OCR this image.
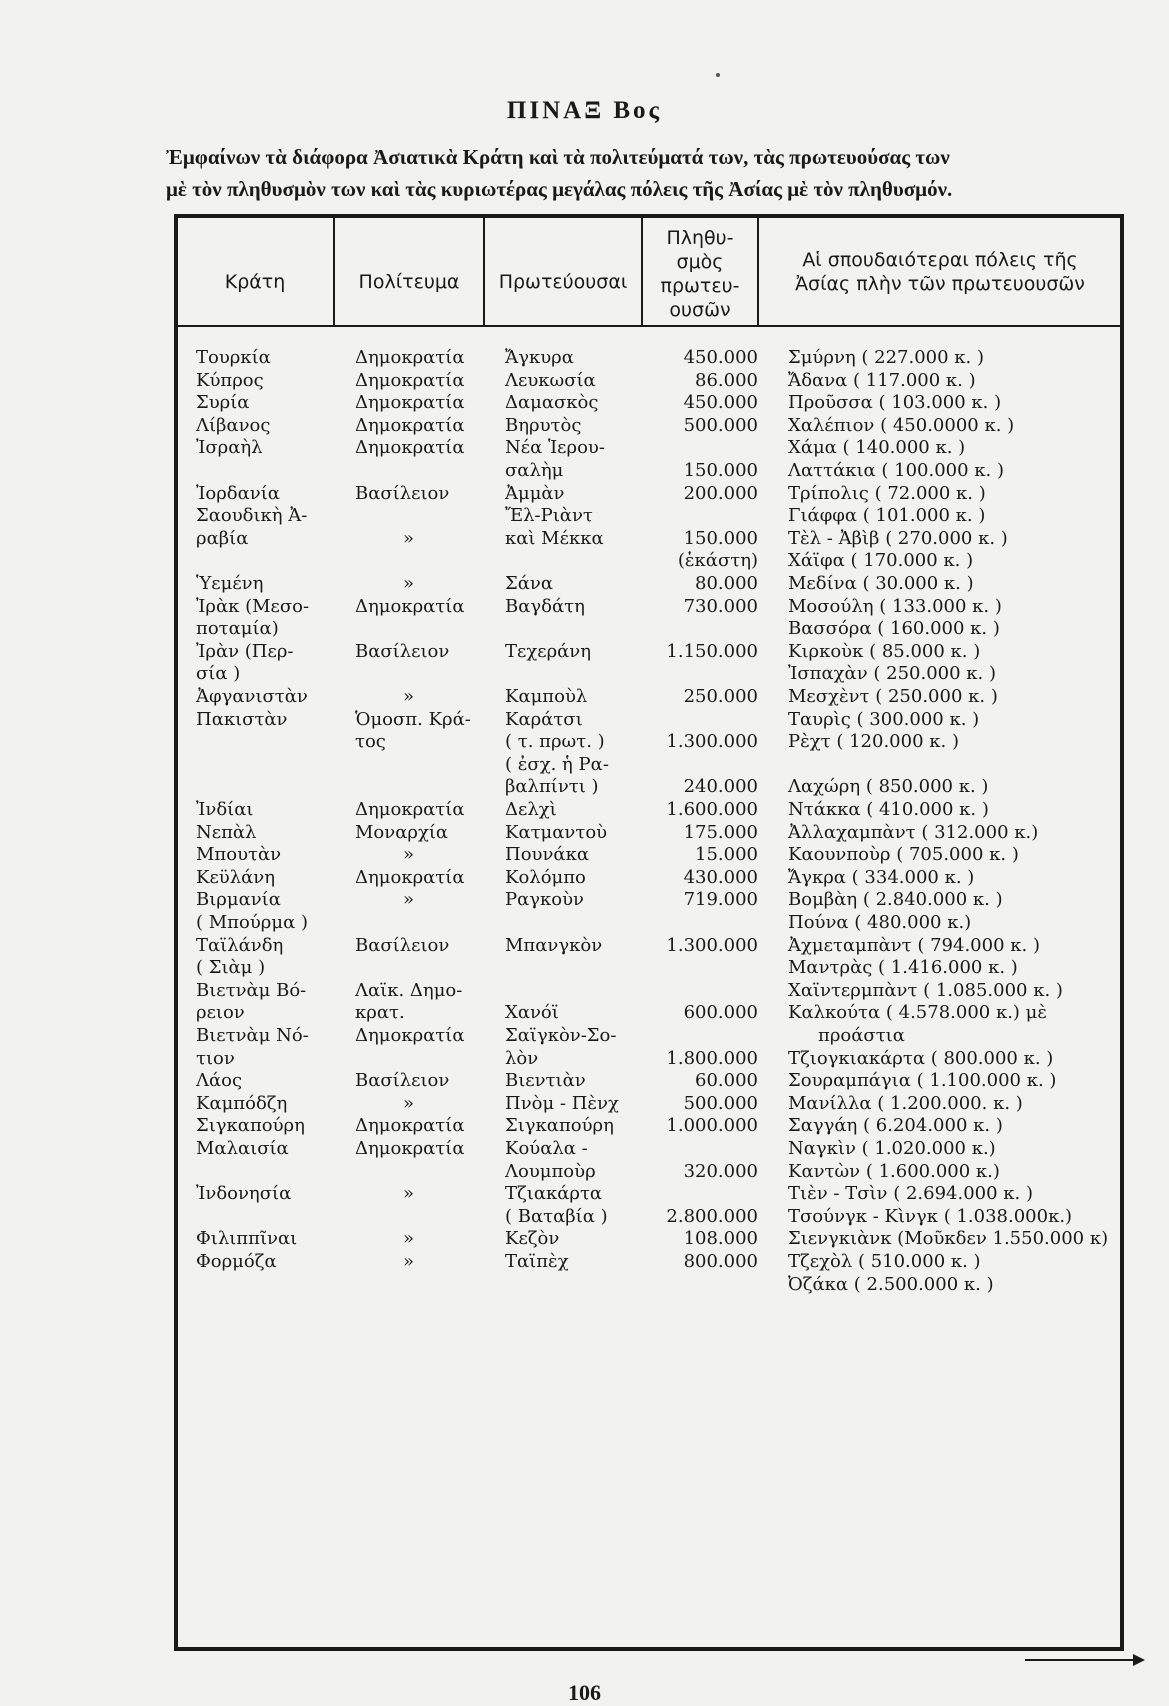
ΠΙΝΑΞ Βος
Ἐμφαίνων τὰ διάφορα Ἀσιατικὰ Κράτη καὶ τὰ πολιτεύματά των, τὰς πρωτευούσας των
μὲ τὸν πληθυσμὸν των καὶ τὰς κυριωτέρας μεγάλας πόλεις τῆς Ἀσίας μὲ τὸν πληθυσμόν.
Κράτη	Πολίτευμα	Πρωτεύουσαι
Πληθυ-
σμὸς
πρωτευ-
ουσῶν
Αἱ σπουδαιότεραι πόλεις τῆς
Ἀσίας πλὴν τῶν πρωτευουσῶν
Τουρκία
Κύπρος
Συρία
Λίβανος
Ἰσραὴλ
Ἰορδανία
Σαουδικὴ Ἀ-
ραβία
Ὑεμένη
Ἰρὰκ (Μεσο-
ποταμία)
Ἰρὰν (Περ-
σία )
Ἀφγανιστὰν
Πακιστὰν
Ἰνδίαι
Νεπὰλ
Μπουτὰν
Κεϋλάνη
Βιρμανία
( Μπούρμα )
Ταϊλάνδη
( Σιὰμ )
Βιετνὰμ Βό-
ρειον
Βιετνὰμ Νό-
τιον
Λάος
Καμπόδζη
Σιγκαπούρη
Μαλαισία
Ἰνδονησία
Φιλιππῖναι
Φορμόζα
Δημοκρατία
Δημοκρατία
Δημοκρατία
Δημοκρατία
Δημοκρατία
Βασίλειον
»
»
Δημοκρατία
Βασίλειον
»
Ὁμοσπ. Κρά-
τος
Δημοκρατία
Μοναρχία
»
Δημοκρατία
»
Βασίλειον
Λαϊκ. Δημο-
κρατ.
Δημοκρατία
Βασίλειον
»
Δημοκρατία
Δημοκρατία
»
»
»
Ἄγκυρα
Λευκωσία
Δαμασκὸς
Βηρυτὸς
Νέα Ἱερου-
σαλὴμ
Ἀμμὰν
Ἔλ-Ριὰντ
καὶ Μέκκα
Σάνα
Βαγδάτη
Τεχεράνη
Καμποὺλ
Καράτσι
( τ. πρωτ. )
( ἐσχ. ἡ Ρα-
βαλπίντι )
Δελχὶ
Κατμαντοὺ
Πουνάκα
Κολόμπο
Ραγκοὺν
Μπανγκὸν
Χανόϊ
Σαϊγκὸν-Σο-
λὸν
Βιεντιὰν
Πνὸμ - Πὲνχ
Σιγκαπούρη
Κούαλα -
Λουμποὺρ
Τζιακάρτα
( Βαταβία )
Κεζὸν
Ταϊπὲχ
450.000
86.000
450.000
500.000
150.000
200.000
150.000
(ἑκάστη)
80.000
730.000
1.150.000
250.000
1.300.000
240.000
1.600.000
175.000
15.000
430.000
719.000
1.300.000
600.000
1.800.000
60.000
500.000
1.000.000
320.000
2.800.000
108.000
800.000
Σμύρνη ( 227.000 κ. )
Ἄδανα ( 117.000 κ. )
Προῦσσα ( 103.000 κ. )
Χαλέπιον ( 450.0000 κ. )
Χάμα ( 140.000 κ. )
Λαττάκια ( 100.000 κ. )
Τρίπολις ( 72.000 κ. )
Γιάφφα ( 101.000 κ. )
Τὲλ - Ἀβὶβ ( 270.000 κ. )
Χάϊφα ( 170.000 κ. )
Μεδίνα ( 30.000 κ. )
Μοσούλη ( 133.000 κ. )
Βασσόρα ( 160.000 κ. )
Κιρκοὺκ ( 85.000 κ. )
Ἰσπαχὰν ( 250.000 κ. )
Μεσχὲντ ( 250.000 κ. )
Ταυρὶς ( 300.000 κ. )
Ρὲχτ ( 120.000 κ. )
Λαχώρη ( 850.000 κ. )
Ντάκκα ( 410.000 κ. )
Ἀλλαχαμπὰντ ( 312.000 κ.)
Καουνποὺρ ( 705.000 κ. )
Ἄγκρα ( 334.000 κ. )
Βομβὰη ( 2.840.000 κ. )
Πούνα ( 480.000 κ.)
Ἀχμεταμπὰντ ( 794.000 κ. )
Μαντρὰς ( 1.416.000 κ. )
Χαϊντερμπὰντ ( 1.085.000 κ. )
Καλκούτα ( 4.578.000 κ.) μὲ
προάστια
Τζιογκιακάρτα ( 800.000 κ. )
Σουραμπάγια ( 1.100.000 κ. )
Μανίλλα ( 1.200.000. κ. )
Σαγγάη ( 6.204.000 κ. )
Ναγκὶν ( 1.020.000 κ.)
Καντὼν ( 1.600.000 κ.)
Τιὲν - Τσὶν ( 2.694.000 κ. )
Τσούνγκ - Κὶνγκ ( 1.038.000κ.)
Σιενγκιὰνκ (Μοῦκδεν 1.550.000 κ)
Τζεχὸλ ( 510.000 κ. )
Ὀζάκα ( 2.500.000 κ. )
106
